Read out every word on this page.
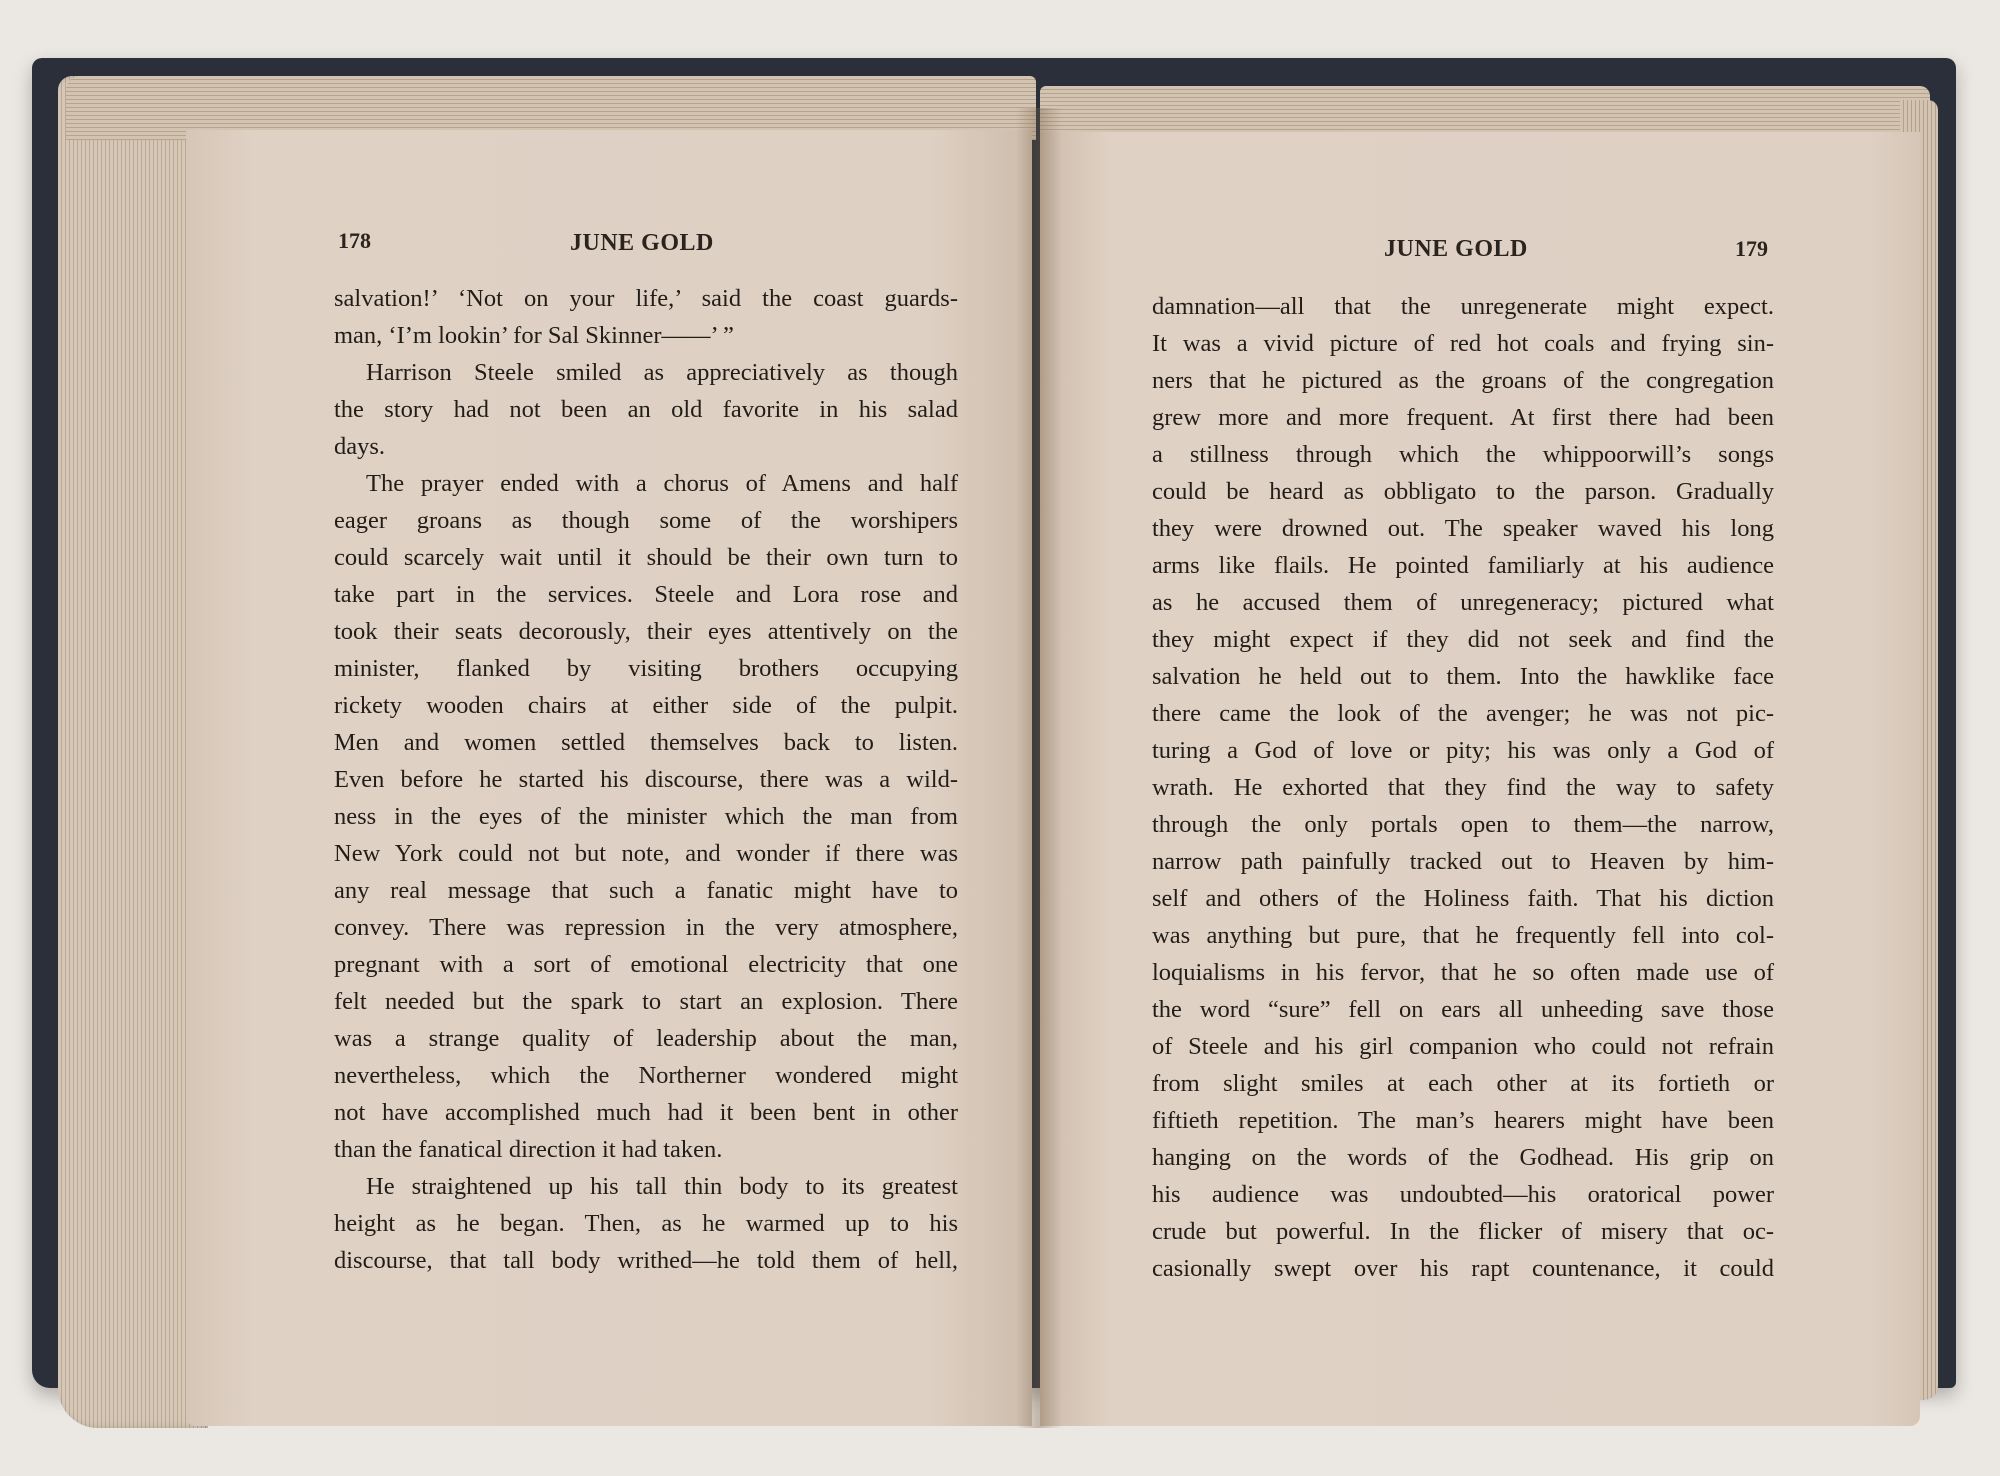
178	JUNE GOLD	JUNE GOLD	179
salvation!’ ‘Not on your life,’ said the coast guards-
man, ‘I’m lookin’ for Sal Skinner——’ ”
Harrison Steele smiled as appreciatively as though
the story had not been an old favorite in his salad
days.
The prayer ended with a chorus of Amens and half
eager groans as though some of the worshipers
could scarcely wait until it should be their own turn to
take part in the services. Steele and Lora rose and
took their seats decorously, their eyes attentively on the
minister, flanked by visiting brothers occupying
rickety wooden chairs at either side of the pulpit.
Men and women settled themselves back to listen.
Even before he started his discourse, there was a wild-
ness in the eyes of the minister which the man from
New York could not but note, and wonder if there was
any real message that such a fanatic might have to
convey. There was repression in the very atmosphere,
pregnant with a sort of emotional electricity that one
felt needed but the spark to start an explosion. There
was a strange quality of leadership about the man,
nevertheless, which the Northerner wondered might
not have accomplished much had it been bent in other
than the fanatical direction it had taken.
He straightened up his tall thin body to its greatest
height as he began. Then, as he warmed up to his
discourse, that tall body writhed—he told them of hell,
damnation—all that the unregenerate might expect.
It was a vivid picture of red hot coals and frying sin-
ners that he pictured as the groans of the congregation
grew more and more frequent. At first there had been
a stillness through which the whippoorwill’s songs
could be heard as obbligato to the parson. Gradually
they were drowned out. The speaker waved his long
arms like flails. He pointed familiarly at his audience
as he accused them of unregeneracy; pictured what
they might expect if they did not seek and find the
salvation he held out to them. Into the hawklike face
there came the look of the avenger; he was not pic-
turing a God of love or pity; his was only a God of
wrath. He exhorted that they find the way to safety
through the only portals open to them—the narrow,
narrow path painfully tracked out to Heaven by him-
self and others of the Holiness faith. That his diction
was anything but pure, that he frequently fell into col-
loquialisms in his fervor, that he so often made use of
the word “sure” fell on ears all unheeding save those
of Steele and his girl companion who could not refrain
from slight smiles at each other at its fortieth or
fiftieth repetition. The man’s hearers might have been
hanging on the words of the Godhead. His grip on
his audience was undoubted—his oratorical power
crude but powerful. In the flicker of misery that oc-
casionally swept over his rapt countenance, it could
